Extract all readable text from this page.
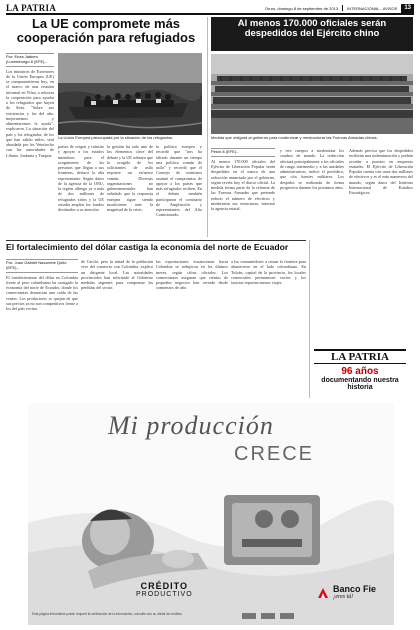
LA PATRIA	Oruro, domingo 8 de septiembre de 2013 INTERNACIONAL - AVISOS	13
La UE compromete más cooperación para refugiados
Por: Enza Jabben (Luxemburgo 8 (EFE).-
Los ministros de Exteriores de la Unión Europea (UE) se comprometieron hoy, en el marco de una reunión informal en Vilna, a reforzar la cooperación para ayudar a los refugiados que huyen de Siria. "Sobre sus existencias y las del año, mejoraremos y alimentaremos la ayuda", explicaron. La situación del país y los refugiados, de los que han salido miles, será abordada por los Veintiocho con las autoridades de Líbano, Jordania y Turquía.
La Unión Europea preocupada por la situación de los refugiados.
países de origen y tránsito y apoyar a los estados miembros para el acogimiento de las personas que llegan a sus fronteras, destacó la alta representante. Según datos de la agencia de la ONU, la región alberga ya a más de dos millones de refugiados sirios y la UE estudia ampliar los fondos destinados a su atención.
la gestión ha sido uno de los elementos clave del debate y la UE subraya que la acogida de los solicitantes de asilo requiere un esfuerzo común. Diversas organizaciones no gubernamentales han señalado que la respuesta europea sigue siendo insuficiente ante la magnitud de la crisis.
la política europea y recordó que "nos ha faltado durante un tiempo una política común de asilo" y recordó que el Consejo de ministros asumió el compromiso de apoyar a los países que más refugiados reciben. En el debate también participaron el comisario de Ampliación y representantes del Alto Comisionado.
Al menos 170.000 oficiales serán despedidos del Ejército chino
Medida que obligará al gobierno para modernizar y reestructurar las Fuerzas Armadas chinas.
Pekín 8 (EFE).-
Al menos 170.000 oficiales del Ejército de Liberación Popular serán despedidos en el marco de una reducción anunciada por el gobierno, según revela hoy el diario oficial. La medida forma parte de la reforma de las Fuerzas Armadas que pretende reducir el número de efectivos y modernizar sus estructuras, informó la agencia estatal.
y tres cuerpos a modernizar los cuadros de mando. La reducción afectará principalmente a los oficiales de rango intermedio y a las unidades administrativas, indicó el periódico, que cita fuentes militares. Los despidos se realizarán de forma progresiva durante los próximos años.
Además precisa que los despedidos recibirán una indemnización y podrán acceder a puestos en empresas estatales. El Ejército de Liberación Popular cuenta con unos dos millones de efectivos y es el más numeroso del mundo, según datos del Instituto Internacional de Estudios Estratégicos.
El fortalecimiento del dólar castiga la economía del norte de Ecuador
Por: Juan Gabriel Navarrete Quito (EFE).-
El fortalecimiento del dólar en Colombia frente al peso colombiano ha castigado la economía del norte de Ecuador, donde los comerciantes denuncian una caída de las ventas. Los productores se quejan de que sus precios ya no son competitivos frente a los del país vecino.
de Carchi, pero la mitad de la población vive del comercio con Colombia, explicó un dirigente local. Las autoridades provinciales han solicitado al Gobierno medidas urgentes para compensar las pérdidas del sector.
las exportaciones ecuatorianas hacia Colombia se redujeron en los últimos meses, según cifras oficiales. Los comerciantes aseguran que cientos de pequeños negocios han cerrado desde comienzos de año.
a los consumidores a cruzar la frontera para abastecerse en el lado colombiano. En Tulcán, capital de la provincia, los locales comerciales permanecen vacíos y los taxistas reportan menos viajes.
LA PATRIA
96 años
documentando nuestra historia
Mi producción
CRECE
CRÉDITO
PRODUCTIVO
Banco Fie
¡eres tú!
Esta página informativa puede requerir la verificación de la información, consulte con su oficial de créditos.
